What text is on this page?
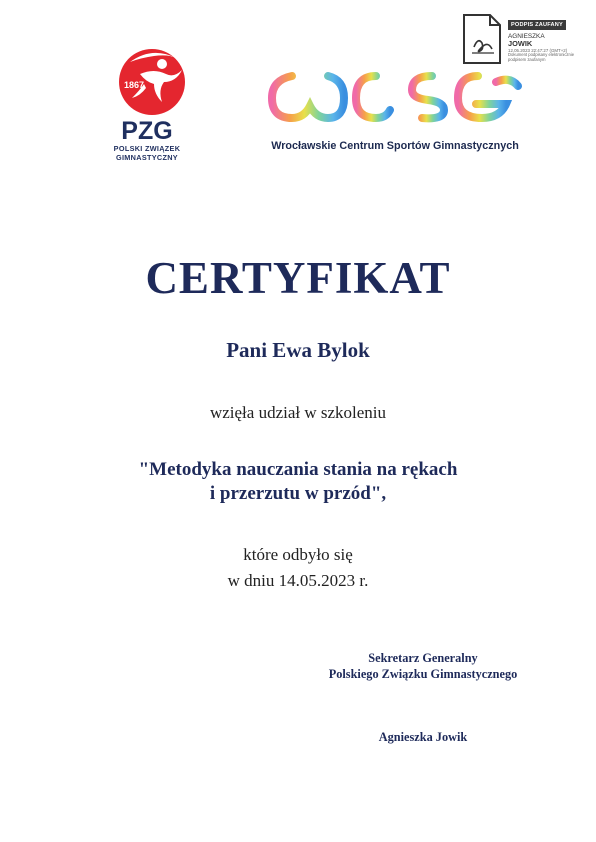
1867
PZG
POLSKI ZWIĄZEK
GIMNASTYCZNY
Wrocławskie Centrum Sportów Gimnastycznych
PODPIS ZAUFANY
AGNIESZKA
JOWIK
12.05.2023 22:47:27 (GMT+2)
Dokument podpisany elektronicznie podpisem zaufanym
CERTYFIKAT
Pani Ewa Bylok
wzięła udział w szkoleniu
"Metodyka nauczania stania na rękach
i przerzutu w przód",
które odbyło się
w dniu 14.05.2023 r.
Sekretarz Generalny
Polskiego Związku Gimnastycznego
Agnieszka Jowik
